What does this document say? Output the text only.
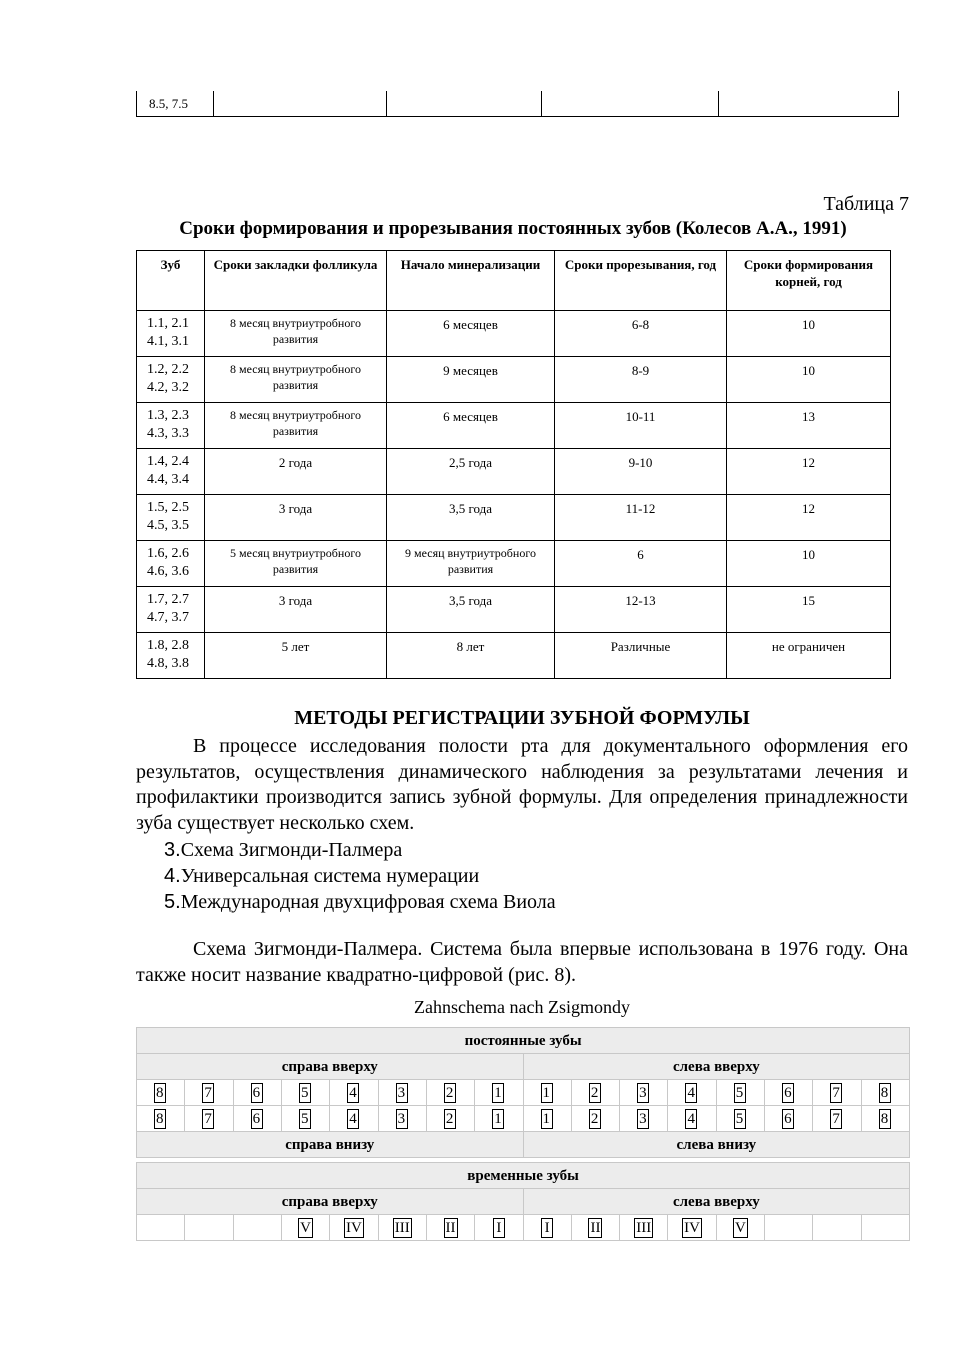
8.5, 7.5				
Таблица 7
Сроки формирования и прорезывания постоянных зубов (Колесов А.А., 1991)
Зуб	Сроки закладки фолликула	Начало минерализации	Сроки прорезывания, год	Сроки формирования корней, год
1.1, 2.1
4.1, 3.1	8 месяц внутриутробного развития	6 месяцев	6-8	10
1.2, 2.2
4.2, 3.2	8 месяц внутриутробного развития	9 месяцев	8-9	10
1.3, 2.3
4.3, 3.3	8 месяц внутриутробного развития	6 месяцев	10-11	13
1.4, 2.4
4.4, 3.4	2 года	2,5 года	9-10	12
1.5, 2.5
4.5, 3.5	3 года	3,5 года	11-12	12
1.6, 2.6
4.6, 3.6	5 месяц внутриутробного развития	9 месяц внутриутробного развития	6	10
1.7, 2.7
4.7, 3.7	3 года	3,5 года	12-13	15
1.8, 2.8
4.8, 3.8	5 лет	8 лет	Различные	не ограничен
МЕТОДЫ РЕГИСТРАЦИИ ЗУБНОЙ ФОРМУЛЫ
В процессе исследования полости рта для документального оформления его результатов, осуществления динамического наблюдения за результатами лечения и профилактики производится запись зубной формулы. Для определения принадлежности зуба существует несколько схем.
3.Схема Зигмонди-Палмера
4.Универсальная система нумерации
5.Международная двухцифровая схема Виола
Схема Зигмонди-Палмера. Система была впервые использована в 1976 году. Она также носит название квадратно-цифровой (рис. 8).
Zahnschema nach Zsigmondy
постоянные зубы															
справа вверху								слева вверху							
8	7	6	5	4	3	2	1	1	2	3	4	5	6	7	8
8	7	6	5	4	3	2	1	1	2	3	4	5	6	7	8
справа внизу								слева внизу							

временные зубы															
справа вверху								слева вверху							
			V	IV	III	II	I	I	II	III	IV	V			
